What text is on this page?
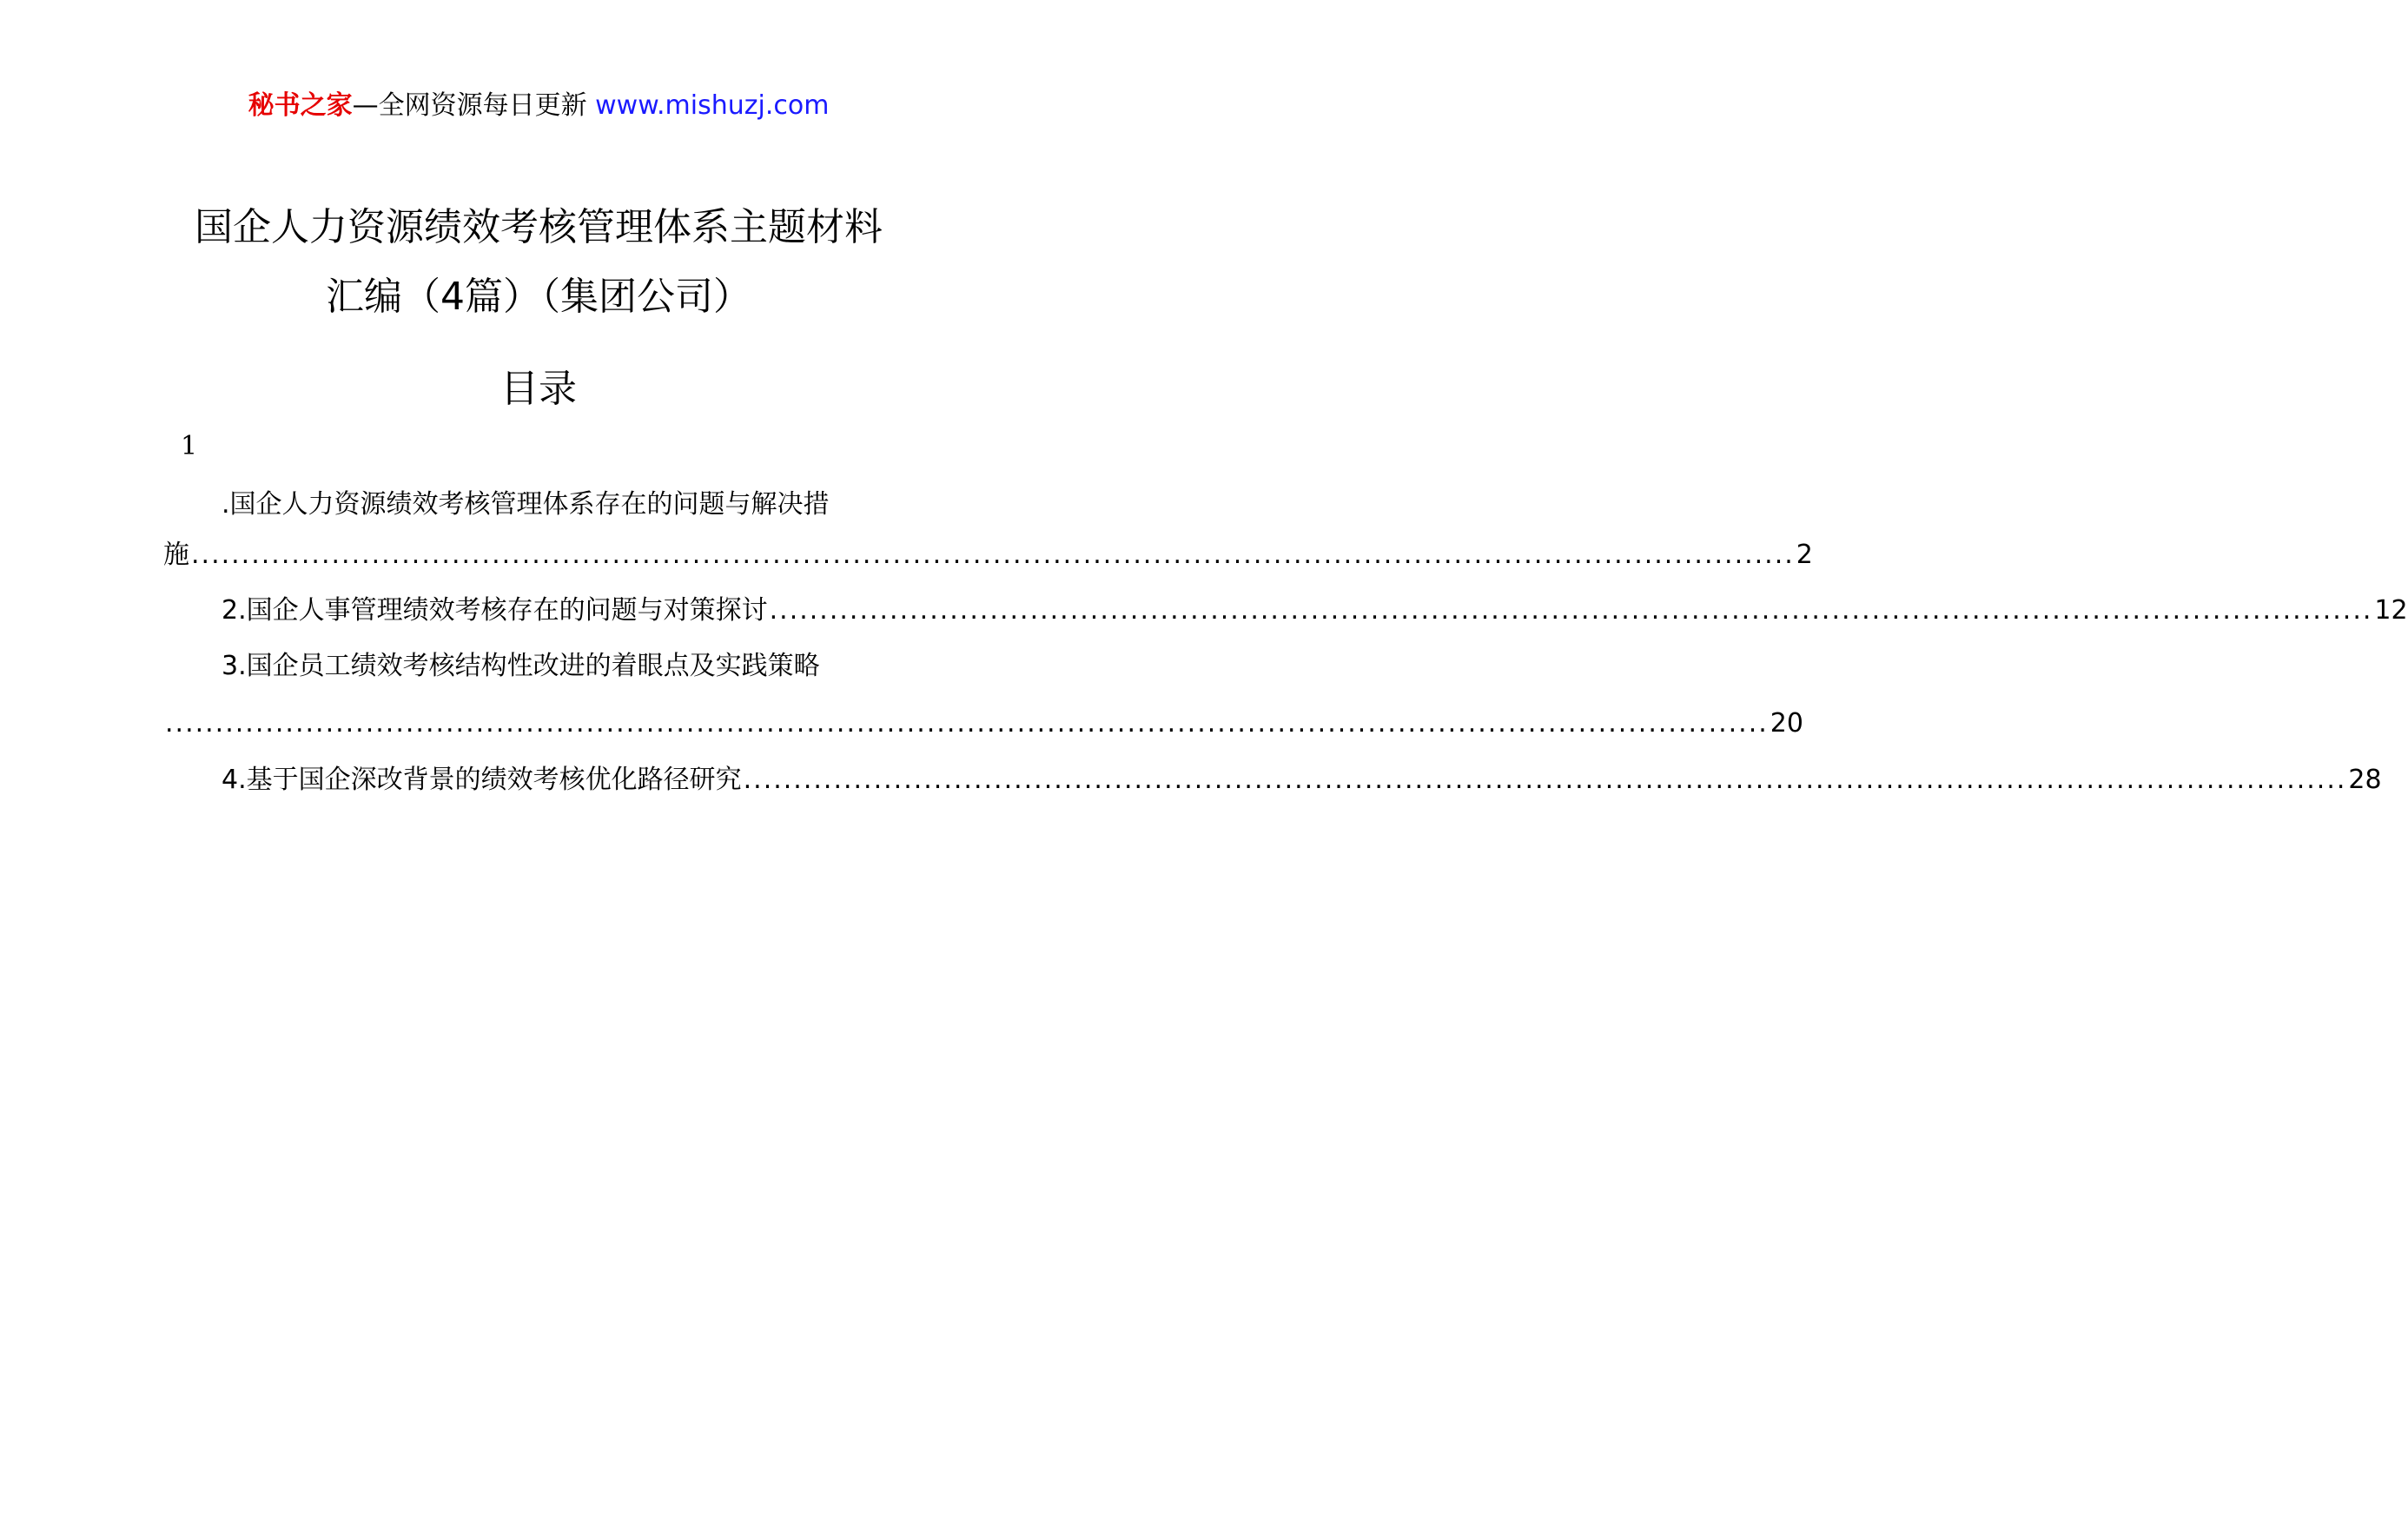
秘书之家—全网资源每日更新 www.mishuzj.com
国企人力资源绩效考核管理体系主题材料
汇编（4篇）（集团公司）
目录
1
.国企人力资源绩效考核管理体系存在的问题与解决措
施 ................................................................................................................................................................ 2
2.国企人事管理绩效考核存在的问题与对策探讨 ................................................................................................................................................................ 12
3.国企员工绩效考核结构性改进的着眼点及实践策略
................................................................................................................................................................ 20
4.基于国企深改背景的绩效考核优化路径研究 ................................................................................................................................................................ 28
